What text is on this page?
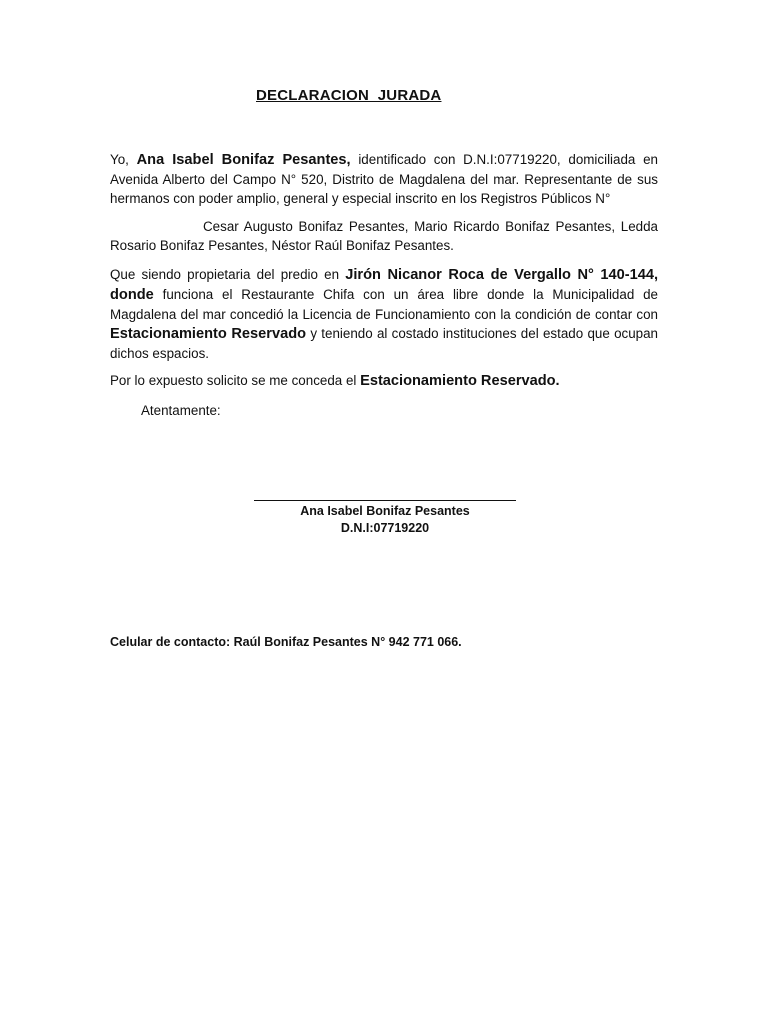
DECLARACION  JURADA

Yo, Ana Isabel Bonifaz Pesantes, identificado con D.N.I:07719220, domiciliada en Avenida Alberto del Campo N° 520, Distrito de Magdalena del mar. Representante de sus hermanos con poder amplio, general y especial inscrito en los Registros Públicos N°

Cesar Augusto Bonifaz Pesantes, Mario Ricardo Bonifaz Pesantes, Ledda Rosario Bonifaz Pesantes, Néstor Raúl Bonifaz Pesantes.

Que siendo propietaria del predio en Jirón Nicanor Roca de Vergallo N° 140-144, donde funciona el Restaurante Chifa con un área libre donde la Municipalidad de Magdalena del mar concedió la Licencia de Funcionamiento con la condición de contar con Estacionamiento Reservado y teniendo al costado instituciones del estado que ocupan dichos espacios.

Por lo expuesto solicito se me conceda el Estacionamiento Reservado.

Atentamente:
Ana Isabel Bonifaz Pesantes
D.N.I:07719220
Celular de contacto: Raúl Bonifaz Pesantes N° 942 771 066.
